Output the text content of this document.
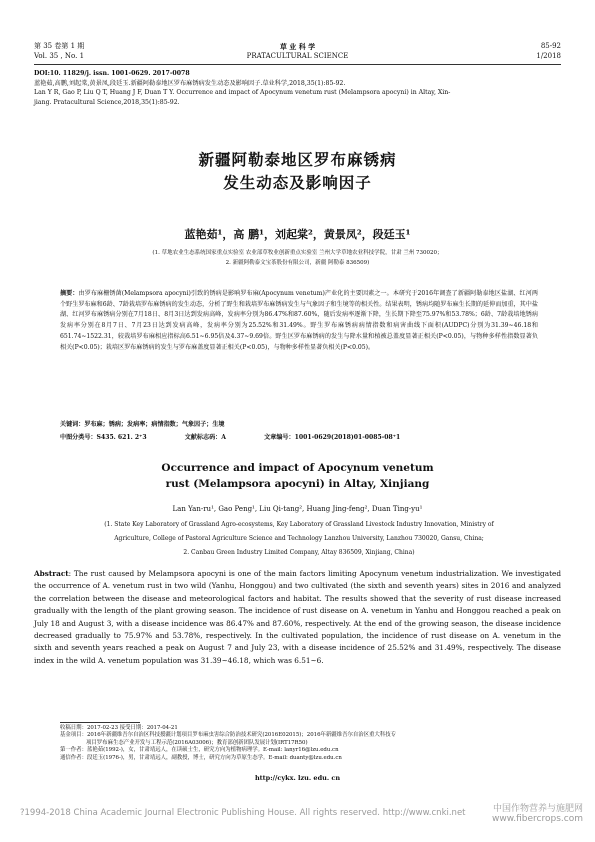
第 35 卷第 1 期
Vol. 35 , No. 1
草 业 科 学
PRATACULTURAL SCIENCE
85-92
1/2018
DOI:10. 11829/j. issn. 1001-0629. 2017-0078
蓝艳茹,高鹏,刘起棠,黄景凤,段廷玉.新疆阿勒泰地区罗布麻锈病发生动态及影响因子.草业科学,2018,35(1):85-92.
Lan Y R, Gao P, Liu Q T, Huang J F, Duan T Y. Occurrence and impact of Apocynum venetum rust (Melampsora apocyni) in Altay, Xin-
jiang. Pratacultural Science,2018,35(1):85-92.
新疆阿勒泰地区罗布麻锈病
发生动态及影响因子
蓝艳茹¹，高 鹏¹，刘起棠²，黄景凤²，段廷玉¹
(1. 草地农业生态系统国家重点实验室 农业部草牧业创新重点实验室 兰州大学草地农业科技学院，甘肃 兰州 730020；
2. 新疆阿勒泰文宝茶股份有限公司，新疆 阿勒泰 836509)
摘要：由罗布麻栅锈菌(Melampsora apocyni)引致的锈病是影响罗布麻(Apocynum venetum)产业化的主要因素之一。本研究于2016年调查了新疆阿勒泰地区盐湖、红河两个野生罗布麻和6龄、7龄栽培罗布麻锈病的发生动态，分析了野生和栽培罗布麻锈病发生与气象因子和生境等的相关性。结果表明，锈病均随罗布麻生长期的延伸而加重，其中盐湖、红河罗布麻锈病分别在7月18日、8月3日达到发病高峰，发病率分别为86.47%和87.60%，随后发病率逐渐下降，生长期下降至75.97%和53.78%；6龄、7龄栽培地锈病发病率分别在8月7日、7月23日达到发病高峰，发病率分别为25.52%和31.49%。野生罗布麻锈病病情指数和病害曲线下面积(AUDPC)分别为31.39~46.18和651.74~1522.31，较栽培罗布麻相应指标高6.51~6.95倍及4.37~9.69倍。野生区罗布麻锈病的发生与降水量和植被总盖度显著正相关(P<0.05)，与物种多样性指数显著负相关(P<0.05)；栽培区罗布麻锈病的发生与罗布麻盖度显著正相关(P<0.05)，与物种多样性显著负相关(P<0.05)。
关键词：罗布麻；锈病；发病率；病情指数；气象因子；生境
中图分类号：S435. 621. 2⁺3	文献标志码：A	文章编号：1001-0629(2018)01-0085-08⁺1
Occurrence and impact of Apocynum venetum
rust (Melampsora apocyni) in Altay, Xinjiang
Lan Yan-ru¹, Gao Peng¹, Liu Qi-tang², Huang Jing-feng², Duan Ting-yu¹
(1. State Key Laboratory of Grassland Agro-ecosystems, Key Laboratory of Grassland Livestock Industry Innovation, Ministry of
Agriculture, College of Pastoral Agriculture Science and Technology Lanzhou University, Lanzhou 730020, Gansu, China;
2. Canbau Green Industry Limited Company, Altay 836509, Xinjiang, China)
Abstract: The rust caused by Melampsora apocyni is one of the main factors limiting Apocynum venetum industrialization. We investigated the occurrence of A. venetum rust in two wild (Yanhu, Honggou) and two cultivated (the sixth and seventh years) sites in 2016 and analyzed the correlation between the disease and meteorological factors and habitat. The results showed that the severity of rust disease increased gradually with the length of the plant growing season. The incidence of rust disease on A. venetum in Yanhu and Honggou reached a peak on July 18 and August 3, with a disease incidence was 86.47% and 87.60%, respectively. At the end of the growing season, the disease incidence decreased gradually to 75.97% and 53.78%, respectively. In the cultivated population, the incidence of rust disease on A. venetum in the sixth and seventh years reached a peak on August 7 and July 23, with a disease incidence of 25.52% and 31.49%, respectively. The disease index in the wild A. venetum population was 31.39~46.18, which was 6.51~6.
收稿日期：2017-02-23 接受日期：2017-04-21
基金项目：2016年新疆维吾尔自治区科技援疆计划项目罗布麻虫害综合防治技术研究(2016E02015)；2016年新疆维吾尔自治区重大科技专
项目罗布麻生态产业开发与工程示范(2016A03006)；教育部创新团队发展计划(IRT17R50)
第一作者：蓝艳茹(1992-)，女，甘肃靖远人，在读硕士生，研究方向为植物病理学。E-mail: lanyr16@lzu.edu.cn
通信作者：段廷玉(1976-)，男，甘肃靖远人，副教授，博士，研究方向为草原生态学。E-mail: duanty@lzu.edu.cn
http://cykx. lzu. edu. cn
?1994-2018 China Academic Journal Electronic Publishing House. All rights reserved. http://www.cnki.net	中国作物营养与施肥网
www.fibercrops.com
